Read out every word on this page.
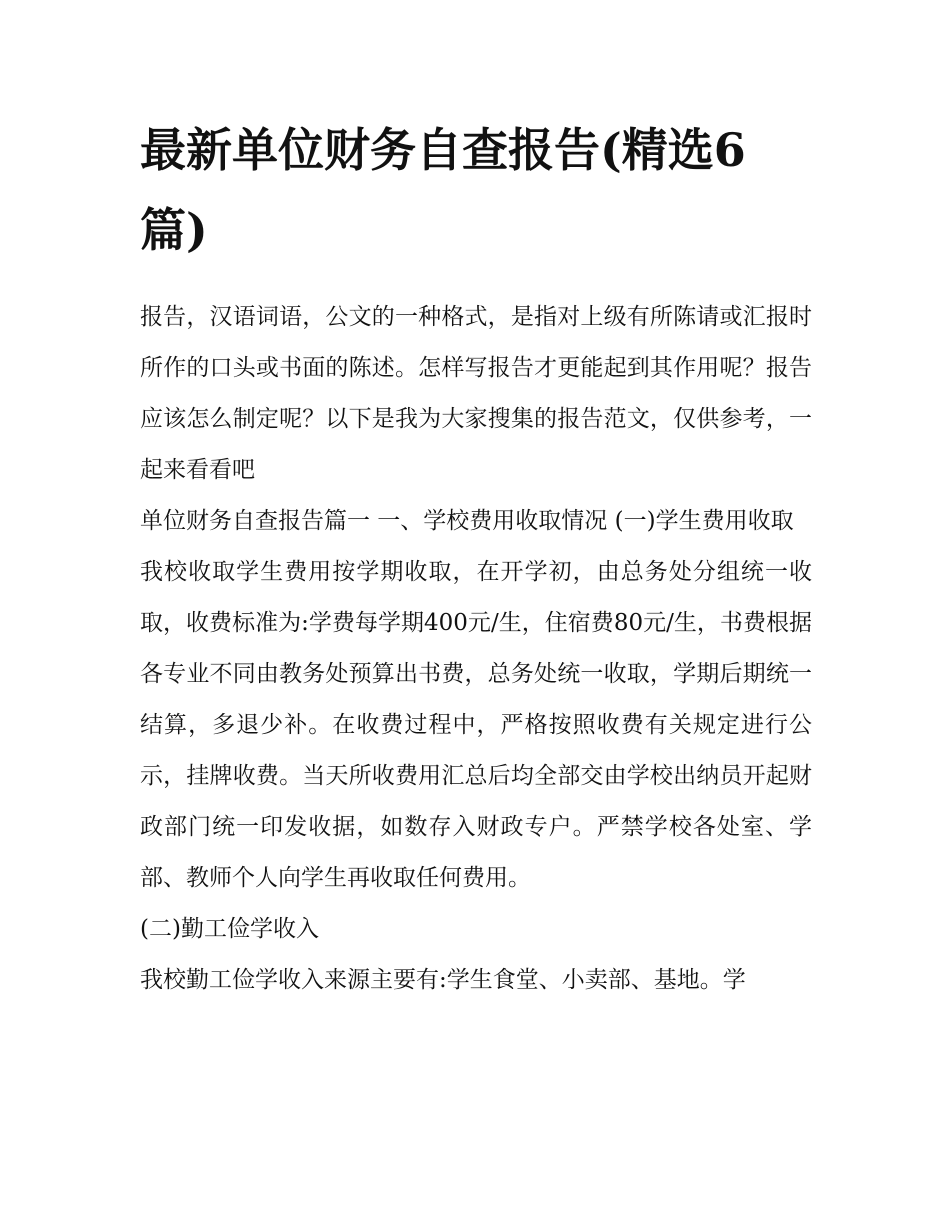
最新单位财务自查报告(精选6篇)

报告，汉语词语，公文的一种格式，是指对上级有所陈请或汇报时所作的口头或书面的陈述。怎样写报告才更能起到其作用呢？报告应该怎么制定呢？以下是我为大家搜集的报告范文，仅供参考，一起来看看吧

单位财务自查报告篇一 一、学校费用收取情况 (一)学生费用收取

我校收取学生费用按学期收取，在开学初，由总务处分组统一收取，收费标准为:学费每学期400元/生，住宿费80元/生，书费根据各专业不同由教务处预算出书费，总务处统一收取，学期后期统一结算，多退少补。在收费过程中，严格按照收费有关规定进行公示，挂牌收费。当天所收费用汇总后均全部交由学校出纳员开起财政部门统一印发收据，如数存入财政专户。严禁学校各处室、学部、教师个人向学生再收取任何费用。

(二)勤工俭学收入

我校勤工俭学收入来源主要有:学生食堂、小卖部、基地。学
